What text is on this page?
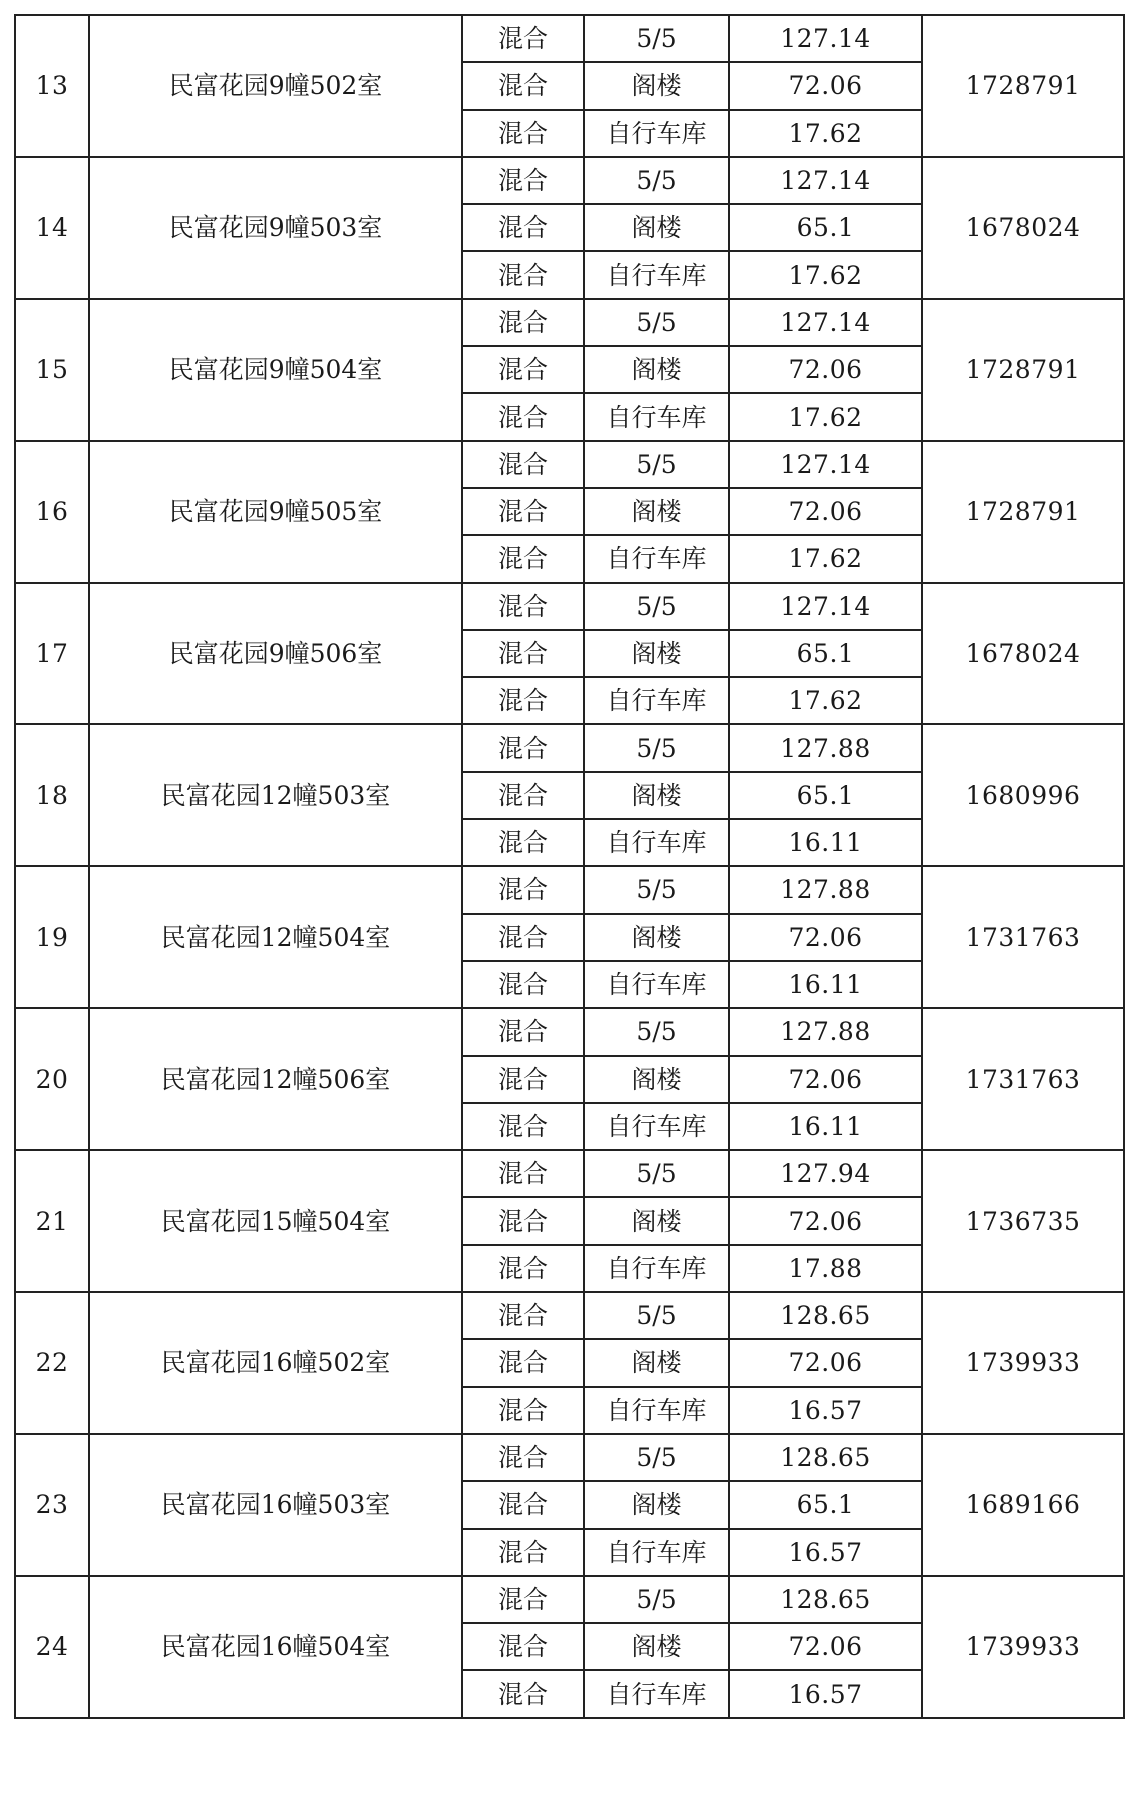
13	民富花园9幢502室	混合	5/5	127.14	1728791
		混合	阁楼	72.06	
		混合	自行车库	17.62	
14	民富花园9幢503室	混合	5/5	127.14	1678024
		混合	阁楼	65.1	
		混合	自行车库	17.62	
15	民富花园9幢504室	混合	5/5	127.14	1728791
		混合	阁楼	72.06	
		混合	自行车库	17.62	
16	民富花园9幢505室	混合	5/5	127.14	1728791
		混合	阁楼	72.06	
		混合	自行车库	17.62	
17	民富花园9幢506室	混合	5/5	127.14	1678024
		混合	阁楼	65.1	
		混合	自行车库	17.62	
18	民富花园12幢503室	混合	5/5	127.88	1680996
		混合	阁楼	65.1	
		混合	自行车库	16.11	
19	民富花园12幢504室	混合	5/5	127.88	1731763
		混合	阁楼	72.06	
		混合	自行车库	16.11	
20	民富花园12幢506室	混合	5/5	127.88	1731763
		混合	阁楼	72.06	
		混合	自行车库	16.11	
21	民富花园15幢504室	混合	5/5	127.94	1736735
		混合	阁楼	72.06	
		混合	自行车库	17.88	
22	民富花园16幢502室	混合	5/5	128.65	1739933
		混合	阁楼	72.06	
		混合	自行车库	16.57	
23	民富花园16幢503室	混合	5/5	128.65	1689166
		混合	阁楼	65.1	
		混合	自行车库	16.57	
24	民富花园16幢504室	混合	5/5	128.65	1739933
		混合	阁楼	72.06	
		混合	自行车库	16.57	
